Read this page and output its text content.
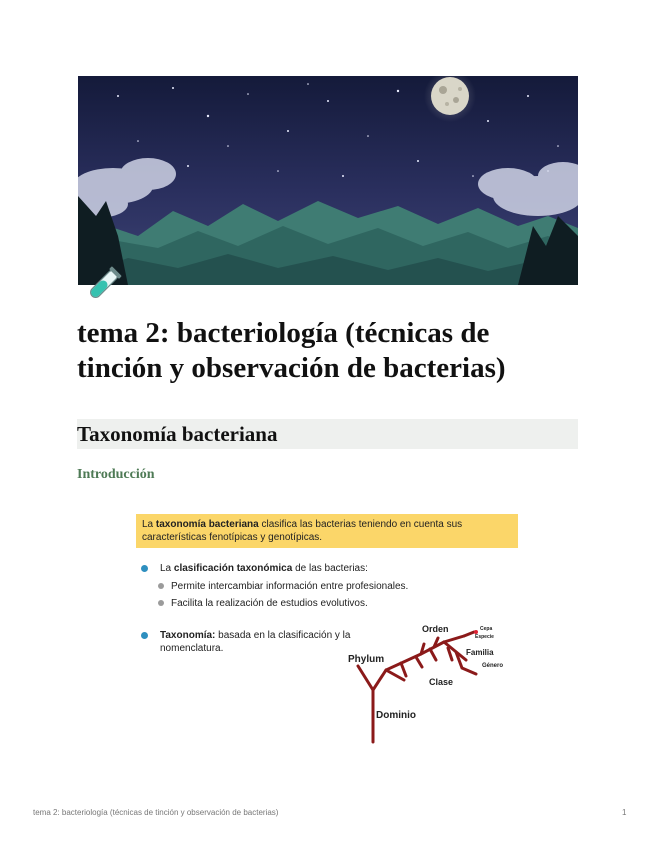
tema 2: bacteriología (técnicas de tinción y observación de bacterias)
Taxonomía bacteriana
Introducción
La taxonomía bacteriana clasifica las bacterias teniendo en cuenta sus características fenotípicas y genotípicas.
La clasificación taxonómica de las bacterias:
Permite intercambiar información entre profesionales.
Facilita la realización de estudios evolutivos.
Taxonomía: basada en la clasificación y la nomenclatura.
Orden	Cepa
Especie
Familia
Género
Phylum
Clase
Dominio
tema 2: bacteriología (técnicas de tinción y observación de bacterias)	1
